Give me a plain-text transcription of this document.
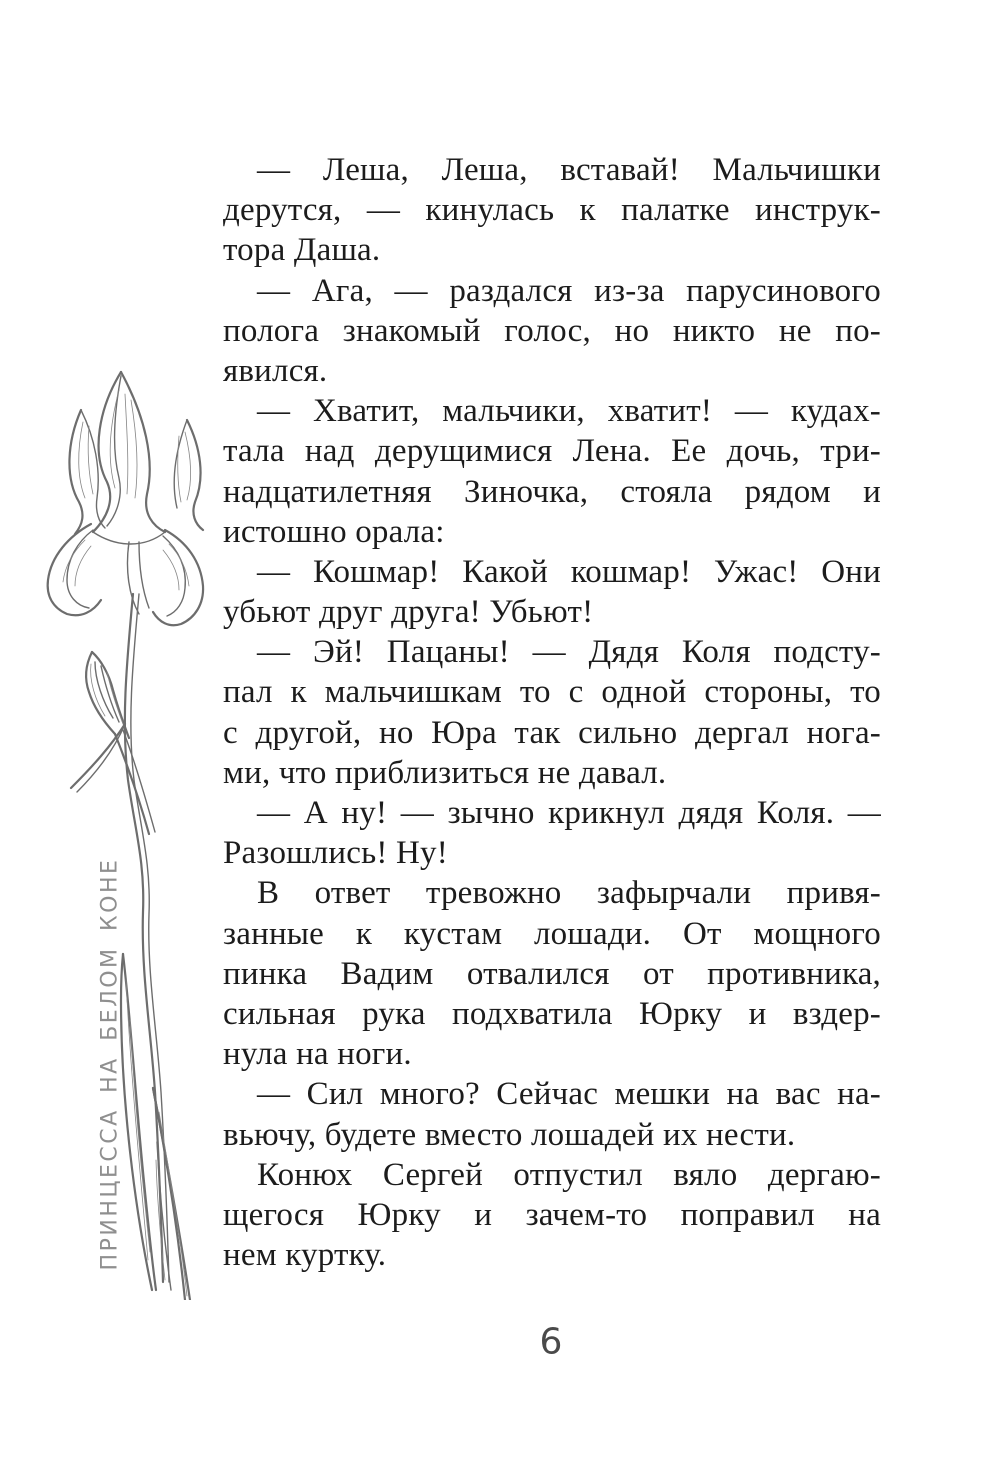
ПРИНЦЕССА НА БЕЛОМ КОНЕ
— Леша, Леша, вставай! Мальчишки
дерутся, — кинулась к палатке инструк-
тора Даша.
— Ага, — раздался из-за парусинового
полога знакомый голос, но никто не по-
явился.
— Хватит, мальчики, хватит! — кудах-
тала над дерущимися Лена. Ее дочь, три-
надцатилетняя Зиночка, стояла рядом и
истошно орала:
— Кошмар! Какой кошмар! Ужас! Они
убьют друг друга! Убьют!
— Эй! Пацаны! — Дядя Коля подсту-
пал к мальчишкам то с одной стороны, то
с другой, но Юра так сильно дергал нога-
ми, что приблизиться не давал.
— А ну! — зычно крикнул дядя Коля. —
Разошлись! Ну!
В ответ тревожно зафырчали привя-
занные к кустам лошади. От мощного
пинка Вадим отвалился от противника,
сильная рука подхватила Юрку и вздер-
нула на ноги.
— Сил много? Сейчас мешки на вас на-
вьючу, будете вместо лошадей их нести.
Конюх Сергей отпустил вяло дергаю-
щегося Юрку и зачем-то поправил на
нем куртку.
6
